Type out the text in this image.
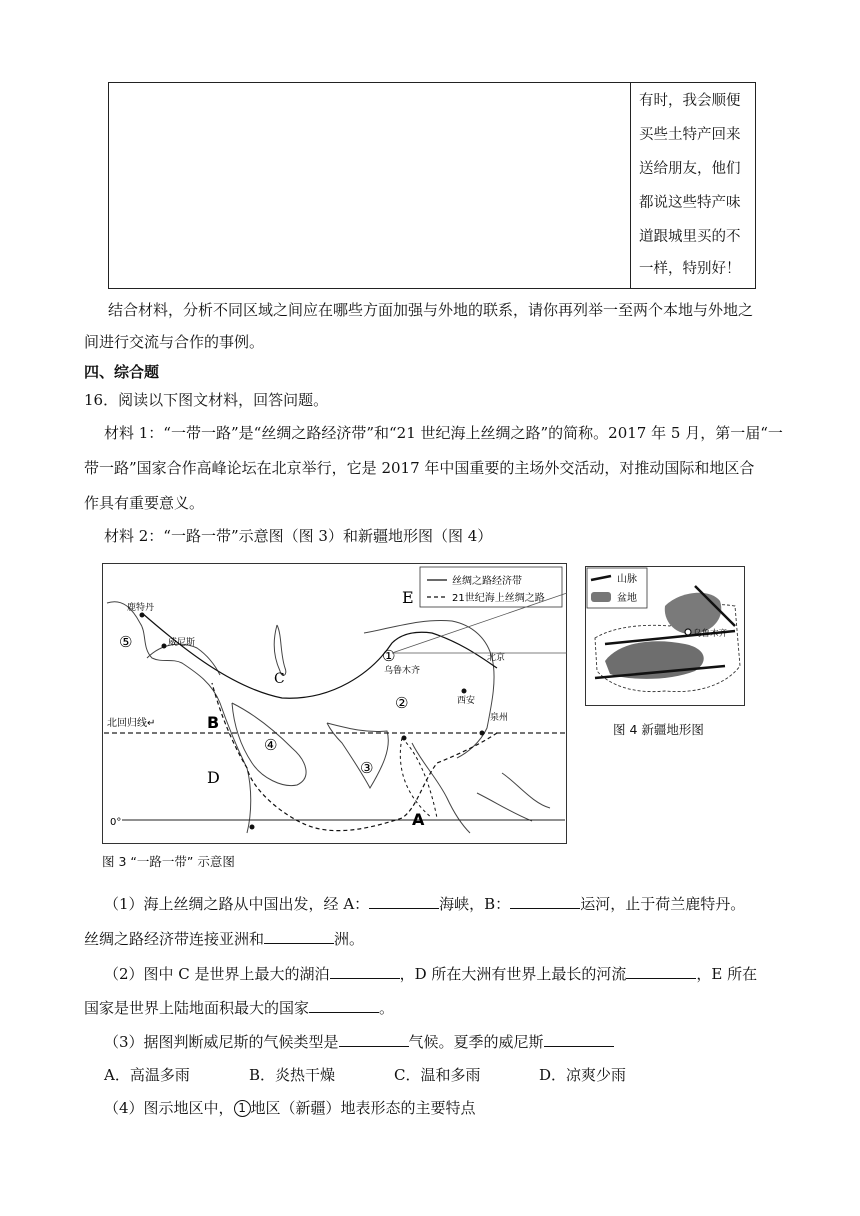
有时，我会顺便
买些土特产回来
送给朋友，他们
都说这些特产味
道跟城里买的不
一样，特别好！
结合材料，分析不同区域之间应在哪些方面加强与外地的联系，请你再列举一至两个本地与外地之
间进行交流与合作的事例。
四、综合题
16．阅读以下图文材料，回答问题。
材料 1：“一带一路”是“丝绸之路经济带”和“21 世纪海上丝绸之路”的简称。2017 年 5 月，第一届“一
带一路”国家合作高峰论坛在北京举行，它是 2017 年中国重要的主场外交活动，对推动国际和地区合
作具有重要意义。
材料 2：“一路一带”示意图（图 3）和新疆地形图（图 4）
丝绸之路经济带
21世纪海上丝绸之路
E
D
C
B
A
⑤
①
②
③
④
鹿特丹
威尼斯
乌鲁木齐
北京
西安
泉州
北回归线↵
0°
图 3 “一路一带” 示意图
山脉
盆地
乌鲁木齐
图 4 新疆地形图
（1）海上丝绸之路从中国出发，经 A：	海峡，B：	运河，止于荷兰鹿特丹。
丝绸之路经济带连接亚洲和	洲。
（2）图中 C 是世界上最大的湖泊	，D 所在大洲有世界上最长的河流	，E 所在
国家是世界上陆地面积最大的国家	。
（3）据图判断威尼斯的气候类型是	气候。夏季的威尼斯
A．高温多雨	B．炎热干燥	C．温和多雨	D．凉爽少雨
（4）图示地区中， 1 地区（新疆）地表形态的主要特点
